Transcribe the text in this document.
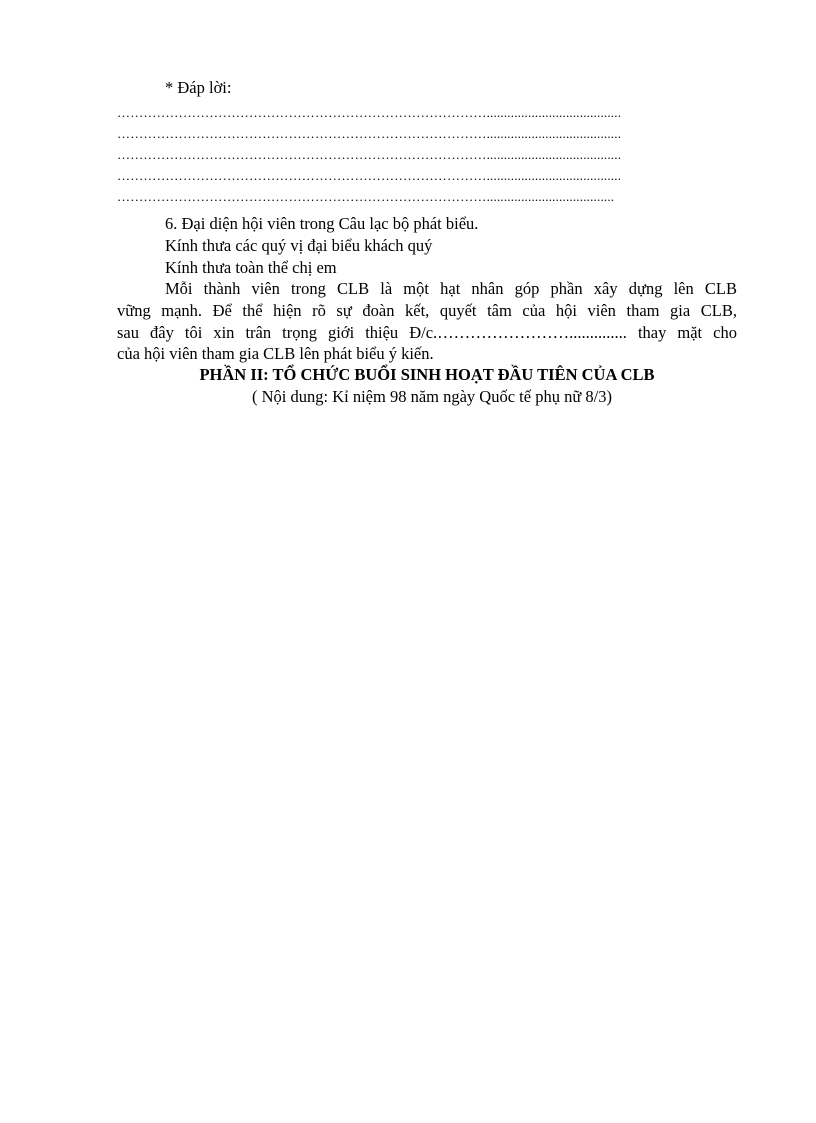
* Đáp lời:
………………………………………………………………………….......................................
………………………………………………………………………….......................................
………………………………………………………………………….......................................
………………………………………………………………………….......................................
………………………………………………………………………….....................................
6. Đại diện hội viên trong Câu lạc bộ phát biểu.
Kính thưa các quý vị đại biểu khách quý
Kính thưa toàn thể chị em
Mỗi thành viên trong CLB là một hạt nhân góp phần xây dựng lên CLB
vững mạnh. Để thể hiện rõ sự đoàn kết, quyết tâm của hội viên tham gia CLB,
sau đây tôi xin trân trọng giới thiệu Đ/c.…………………….............. thay mặt cho
của hội viên tham gia CLB lên phát biểu ý kiến.
PHẦN II: TỔ CHỨC BUỔI SINH HOẠT ĐẦU TIÊN CỦA CLB
( Nội dung: Kỉ niệm 98 năm ngày Quốc tế phụ nữ 8/3)
